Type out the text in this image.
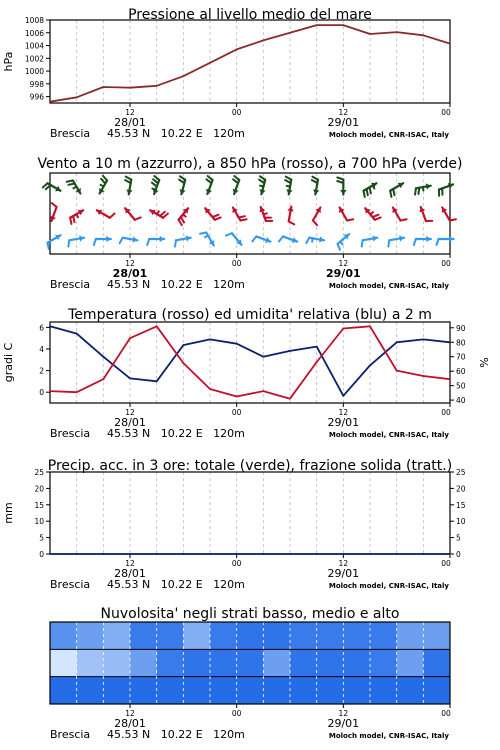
Pressione al livello medio del mare
12	00	12	00
28/01	29/01
Brescia 45.53 N   10.22 E   120m	Moloch model, CNR-ISAC, Italy
996
998
1000
1002
1004
1006
1008
hPa
Vento a 10 m (azzurro), a 850 hPa (rosso), a 700 hPa (verde)
12	00	12	00
28/01	29/01
Brescia 45.53 N   10.22 E   120m	Moloch model, CNR-ISAC, Italy
Temperatura (rosso) ed umidita' relativa (blu) a 2 m
12	00	12	00
28/01	29/01
Brescia 45.53 N   10.22 E   120m	Moloch model, CNR-ISAC, Italy
0
2
4
6
gradi C
40
50
60
70
80
90
%
Precip. acc. in 3 ore: totale (verde), frazione solida (tratt.)
12	00	12	00
28/01	29/01
Brescia 45.53 N   10.22 E   120m	Moloch model, CNR-ISAC, Italy
0
5
10
15
20
25
mm
0
5
10
15
20
25
Nuvolosita' negli strati basso, medio e alto
12	00	12	00
28/01	29/01
Brescia 45.53 N   10.22 E   120m	Moloch model, CNR-ISAC, Italy
